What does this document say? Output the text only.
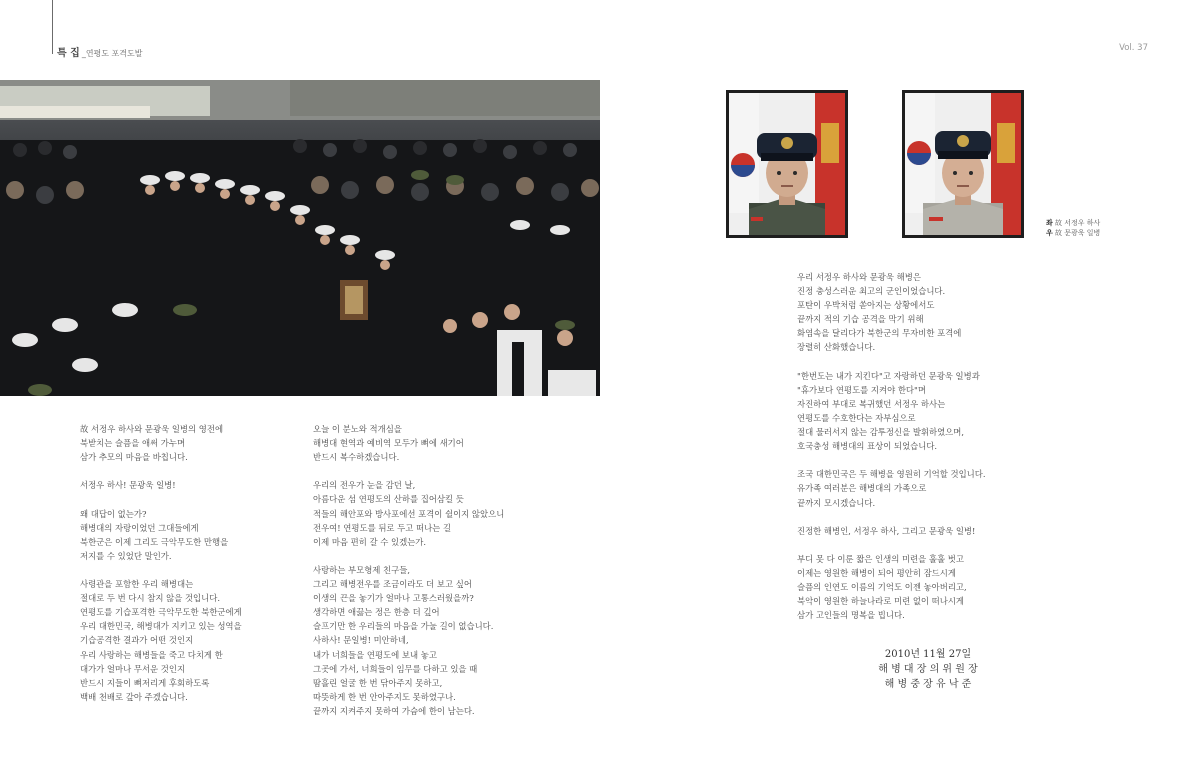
특 집 _연평도 포격도발
Vol. 37

故 서정우 하사와 문광욱 일병의 영전에
북받치는 슬픔을 애써 가누며
삼가 추모의 마음을 바칩니다.

서정우 하사! 문광욱 일병!

왜 대답이 없는가?
해병대의 자랑이었던 그대들에게
북한군은 이제 그리도 극악무도한 만행을
저지를 수 있었단 말인가.

사령관을 포함한 우리 해병대는
절대로 두 번 다시 참지 않을 것입니다.
연평도를 기습포격한 극악무도한 북한군에게
우리 대한민국, 해병대가 지키고 있는 성역을
기습공격한 결과가 어떤 것인지
우리 사랑하는 해병들을 죽고 다치게 한
대가가 얼마나 무서운 것인지
반드시 지들이 뼈저리게 후회하도록
백배 천배로 갚아 주겠습니다.

오늘 이 분노와 적개심을
해병대 현역과 예비역 모두가 뼈에 새기어
반드시 복수하겠습니다.

우리의 전우가 눈을 감던 날,
아름다운 섬 연평도의 산하를 집어삼킬 듯
적들의 해안포와 방사포에선 포격이 쉴이지 않았으니
전우여! 연평도를 뒤로 두고 떠나는 길
이제 마음 편히 갈 수 있겠는가.

사랑하는 부모형제 친구들,
그리고 해병전우를 조금이라도 더 보고 싶어
이생의 끈을 놓기가 얼마나 고통스러웠을까?
생각하면 애끓는 정은 한층 더 깊어
슬프기만 한 우리들의 마음을 가눌 길이 없습니다.
사하사! 문일병! 미안하네,
내가 너희들을 연평도에 보내 놓고
그곳에 가서, 너희들이 임무를 다하고 있을 때
땀흘린 얼굴 한 번 닦아주지 못하고,
따뜻하게 한 번 안아주지도 못하였구나.
끝까지 지켜주지 못하여 가슴에 한이 남는다.

우리 서정우 하사와 문광욱 해병은
진정 충성스러운 최고의 군인이었습니다.
포탄이 우박처럼 쏟아지는 상황에서도
끝까지 적의 기습 공격을 막기 위해
화염속을 달리다가 북한군의 무자비한 포격에
장렬히 산화했습니다.

"한번도는 내가 지킨다"고 자랑하던 문광욱 일병과
"휴가보다 연평도를 지켜야 한다"며
자진하여 부대로 복귀했던 서정우 하사는
연평도를 수호한다는 자부심으로
절대 물러서지 않는 감투정신을 발휘하였으며,
호국충성 해병대의 표상이 되었습니다.

조국 대한민국은 두 해병을 영원히 기억할 것입니다.
유가족 여러분은 해병대의 가족으로
끝까지 모시겠습니다.

진정한 해병인, 서정우 하사, 그리고 문광욱 일병!

부디 못 다 이룬 짧은 인생의 미련을 훌훌 벗고
이제는 영원한 해병이 되어 평안히 잠드시게
슬픔의 인연도 이름의 기억도 이젠 놓아버리고,
북악이 영원한 하늘나라로 미련 없이 떠나시게
삼가 고인들의 명복을 빕니다.

좌 故 서정우 하사
우 故 문광욱 일병
2010년 11월 27일
해 병 대 장 의 위 원 장
해 병 중 장 유 낙 준
